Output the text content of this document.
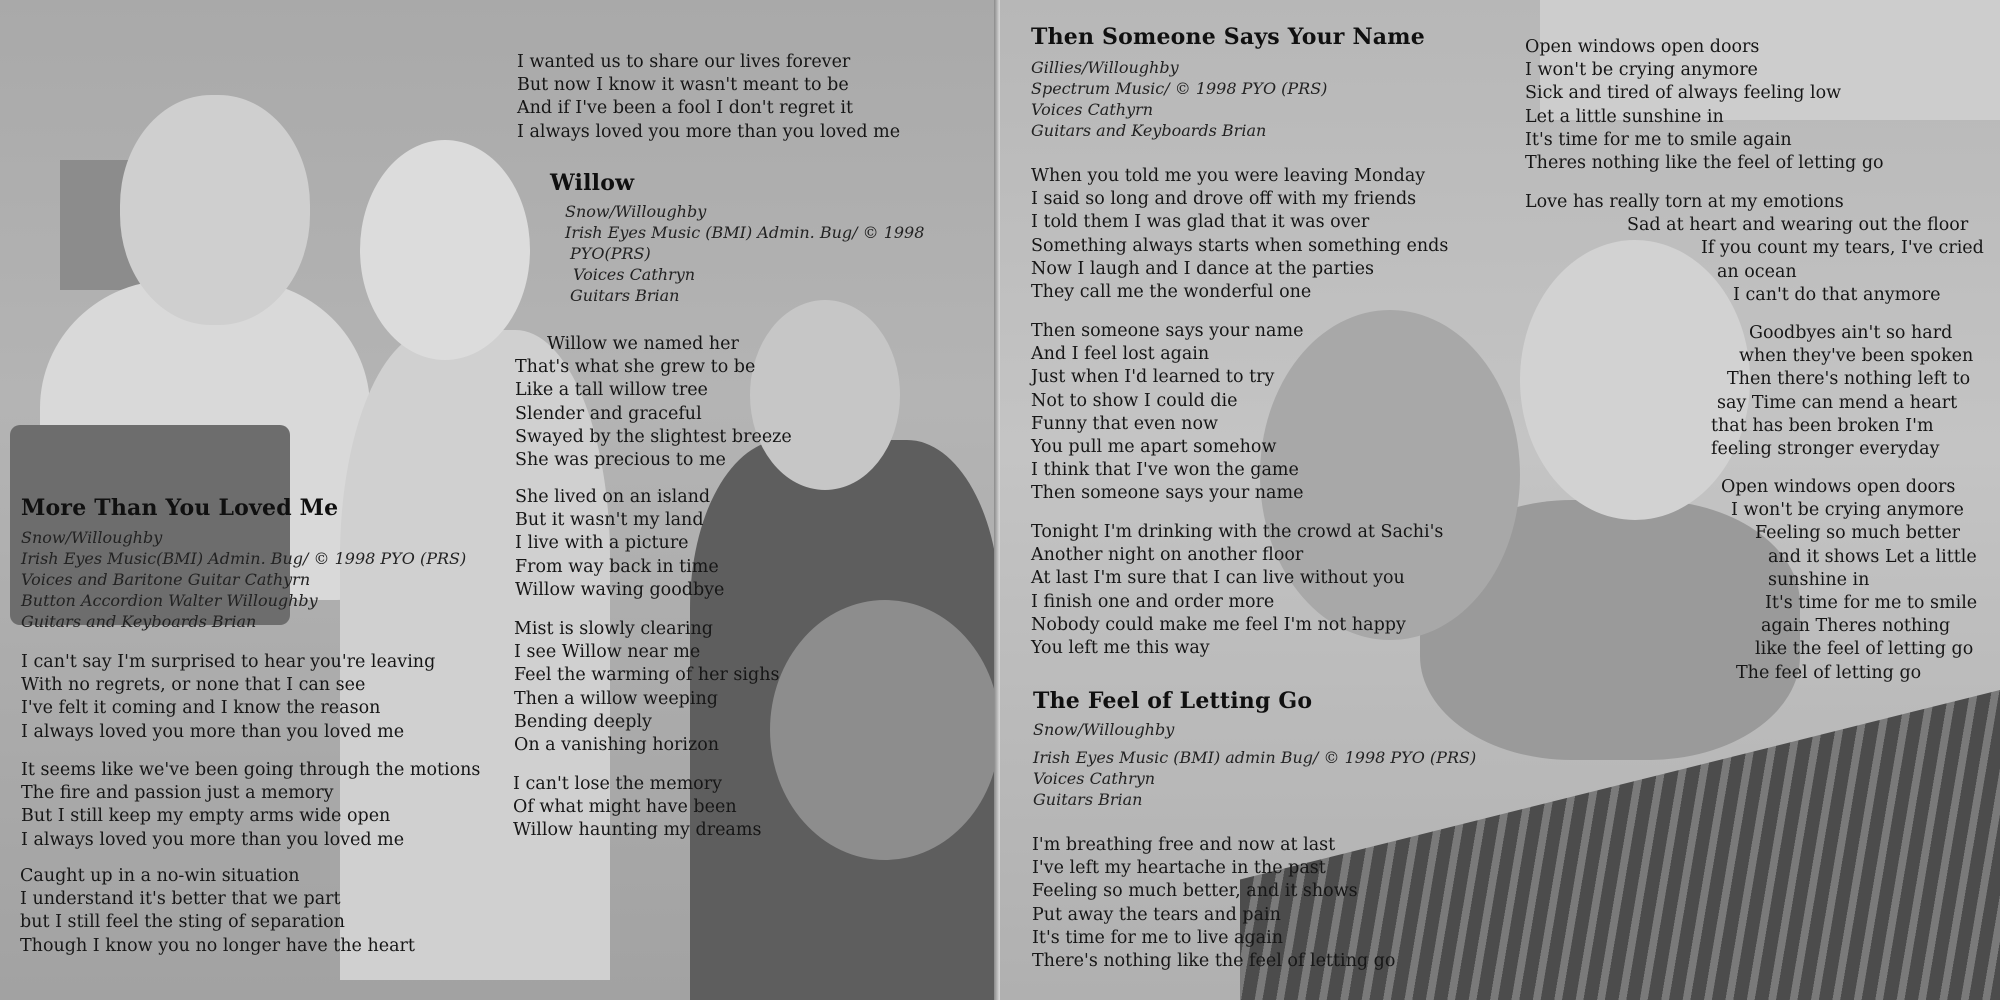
I wanted us to share our lives forever
But now I know it wasn't meant to be
And if I've been a fool I don't regret it
I always loved you more than you loved me
Willow
Snow/Willoughby
Irish Eyes Music (BMI) Admin. Bug/ © 1998
PYO(PRS)
Voices Cathryn
Guitars Brian
Willow we named her
That's what she grew to be
Like a tall willow tree
Slender and graceful
Swayed by the slightest breeze
She was precious to me
She lived on an island
But it wasn't my land
I live with a picture
From way back in time
Willow waving goodbye
Mist is slowly clearing
I see Willow near me
Feel the warming of her sighs
Then a willow weeping
Bending deeply
On a vanishing horizon
I can't lose the memory
Of what might have been
Willow haunting my dreams
More Than You Loved Me
Snow/Willoughby
Irish Eyes Music(BMI) Admin. Bug/ © 1998 PYO (PRS)
Voices and Baritone Guitar Cathyrn
Button Accordion Walter Willoughby
Guitars and Keyboards Brian
I can't say I'm surprised to hear you're leaving
With no regrets, or none that I can see
I've felt it coming and I know the reason
I always loved you more than you loved me
It seems like we've been going through the motions
The fire and passion just a memory
But I still keep my empty arms wide open
I always loved you more than you loved me
Caught up in a no-win situation
I understand it's better that we part
but I still feel the sting of separation
Though I know you no longer have the heart
Then Someone Says Your Name
Gillies/Willoughby
Spectrum Music/ © 1998 PYO (PRS)
Voices Cathyrn
Guitars and Keyboards Brian
When you told me you were leaving Monday
I said so long and drove off with my friends
I told them I was glad that it was over
Something always starts when something ends
Now I laugh and I dance at the parties
They call me the wonderful one
Then someone says your name
And I feel lost again
Just when I'd learned to try
Not to show I could die
Funny that even now
You pull me apart somehow
I think that I've won the game
Then someone says your name
Tonight I'm drinking with the crowd at Sachi's
Another night on another floor
At last I'm sure that I can live without you
I finish one and order more
Nobody could make me feel I'm not happy
You left me this way
The Feel of Letting Go
Snow/Willoughby
Irish Eyes Music (BMI) admin Bug/ © 1998 PYO (PRS)
Voices Cathryn
Guitars Brian
I'm breathing free and now at last
I've left my heartache in the past
Feeling so much better, and it shows
Put away the tears and pain
It's time for me to live again
There's nothing like the feel of letting go
Open windows open doors
I won't be crying anymore
Sick and tired of always feeling low
Let a little sunshine in
It's time for me to smile again
Theres nothing like the feel of letting go
Love has really torn at my emotions
Sad at heart and wearing out the floor
If you count my tears, I've cried
an ocean
I can't do that anymore
Goodbyes ain't so hard
when they've been spoken
Then there's nothing left to
say Time can mend a heart
that has been broken I'm
feeling stronger everyday
Open windows open doors
I won't be crying anymore
Feeling so much better
and it shows Let a little
sunshine in
It's time for me to smile
again Theres nothing
like the feel of letting go
The feel of letting go
